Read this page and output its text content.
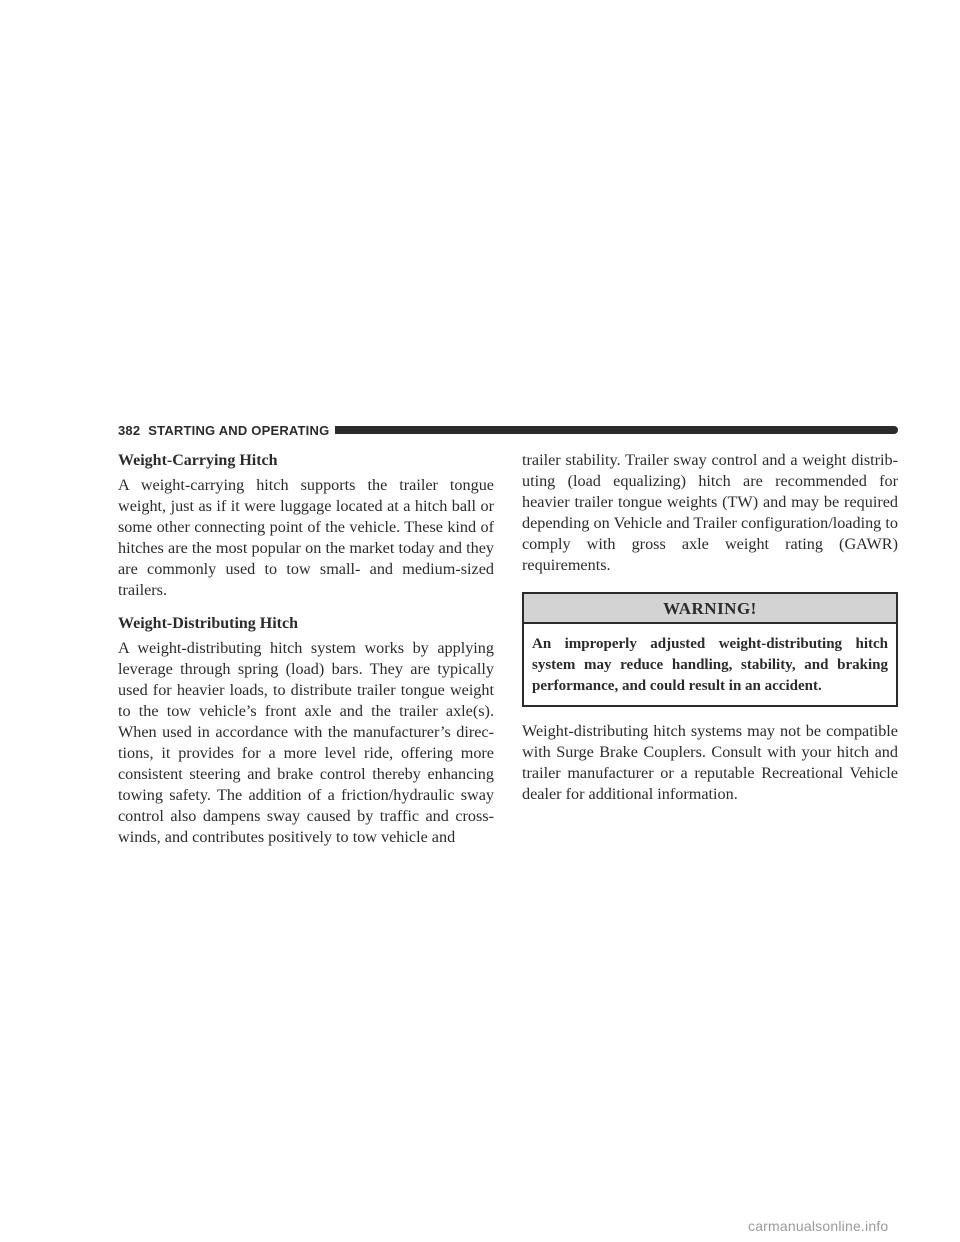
382 STARTING AND OPERATING
Weight-Carrying Hitch

A weight-carrying hitch supports the trailer tongue weight, just as if it were luggage located at a hitch ball or some other connecting point of the vehicle. These kind of hitches are the most popular on the market today and they are commonly used to tow small- and medium-sized trailers.

Weight-Distributing Hitch

A weight-distributing hitch system works by applying leverage through spring (load) bars. They are typically used for heavier loads, to distribute trailer tongue weight to the tow vehicle’s front axle and the trailer axle(s). When used in accordance with the manufacturer’s directions, it provides for a more level ride, offering more consistent steering and brake control thereby enhancing towing safety. The addition of a friction/hydraulic sway control also dampens sway caused by traffic and crosswinds, and contributes positively to tow vehicle and

trailer stability. Trailer sway control and a weight distributing (load equalizing) hitch are recommended for heavier trailer tongue weights (TW) and may be required depending on Vehicle and Trailer configuration/loading to comply with gross axle weight rating (GAWR) requirements.

WARNING!
An improperly adjusted weight-distributing hitch system may reduce handling, stability, and braking performance, and could result in an accident.

Weight-distributing hitch systems may not be compatible with Surge Brake Couplers. Consult with your hitch and trailer manufacturer or a reputable Recreational Vehicle dealer for additional information.

carmanualsonline.info
